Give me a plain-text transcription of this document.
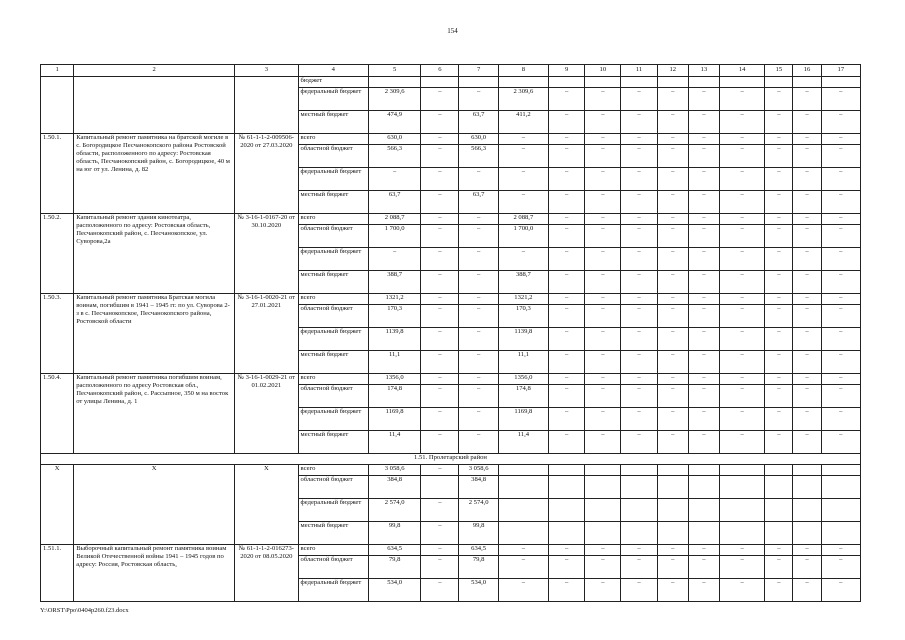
154
1	2	3	4	5	6	7	8	9	10	11	12	13	14	15	16	17
			бюджет													
			федеральный бюджет	2 309,6	–	–	2 309,6	–	–	–	–	–	–	–	–	–
			местный бюджет	474,9	–	63,7	411,2	–	–	–	–	–	–	–	–	–
1.50.1.	Капитальный ремонт памятника на братской могиле в с. Богородицкое Песчанокопского района Ростовской области, расположенного по адресу: Ростовская область, Песчанокопский район, с. Богородицкое, 40 м на юг от ул. Ленина, д. 82	№ 61-1-1-2-009506-2020 от 27.03.2020	всего	630,0	–	630,0	–	–	–	–	–	–	–	–	–	–
			областной бюджет	566,3	–	566,3	–	–	–	–	–	–	–	–	–	–
			федеральный бюджет	–	–	–	–	–	–	–	–	–	–	–	–	–
			местный бюджет	63,7	–	63,7	–	–	–	–	–	–	–	–	–	–
1.50.2.	Капитальный ремонт здания кинотеатра, расположенного по адресу: Ростовская область, Песчанокопский район, с. Песчанокопское, ул. Суворова,2а	№ 3-16-1-0167-20 от 30.10.2020	всего	2 088,7	–	–	2 088,7	–	–	–	–	–	–	–	–	–
			областной бюджет	1 700,0	–	–	1 700,0	–	–	–	–	–	–	–	–	–
			федеральный бюджет	–	–	–	–	–	–	–	–	–	–	–	–	–
			местный бюджет	388,7	–	–	388,7	–	–	–	–	–	–	–	–	–
1.50.3.	Капитальный ремонт памятника Братская могила воинам, погибшим в 1941 – 1945 гг. по ул. Суворова 2-з в с. Песчанокопское, Песчанокопского района, Ростовской области	№ 3-16-1-0020-21 от 27.01.2021	всего	1321,2	–	–	1321,2	–	–	–	–	–	–	–	–	–
			областной бюджет	170,3	–	–	170,3	–	–	–	–	–	–	–	–	–
			федеральный бюджет	1139,8	–	–	1139,8	–	–	–	–	–	–	–	–	–
			местный бюджет	11,1	–	–	11,1	–	–	–	–	–	–	–	–	–
1.50.4.	Капитальный ремонт памятника погибшим воинам, расположенного по адресу Ростовская обл., Песчанокопский район, с. Рассыпное, 350 м на восток от улицы Ленина, д. 1	№ 3-16-1-0029-21 от 01.02.2021	всего	1356,0	–	–	1356,0	–	–	–	–	–	–	–	–	–
			областной бюджет	174,8	–	–	174,8	–	–	–	–	–	–	–	–	–
			федеральный бюджет	1169,8	–	–	1169,8	–	–	–	–	–	–	–	–	–
			местный бюджет	11,4	–	–	11,4	–	–	–	–	–	–	–	–	–
1.51. Пролетарский район																
Х	Х	Х	всего	3 058,6	–	3 058,6										
			областной бюджет	384,8		384,8										
			федеральный бюджет	2 574,0	–	2 574,0										
			местный бюджет	99,8	–	99,8										
1.51.1.	Выборочный капитальный ремонт памятника воинам Великой Отечественной войны 1941 – 1945 годов по адресу: Россия, Ростовская область,	№ 61-1-1-2-016273-2020 от 08.05.2020	всего	634,5	–	634,5	–	–	–	–	–	–	–	–	–	–
			областной бюджет	79,8	–	79,8	–	–	–	–	–	–	–	–	–	–
			федеральный бюджет	534,0	–	534,0	–	–	–	–	–	–	–	–	–	–
Y:\ORST\Ppo\0404p260.f23.docx
